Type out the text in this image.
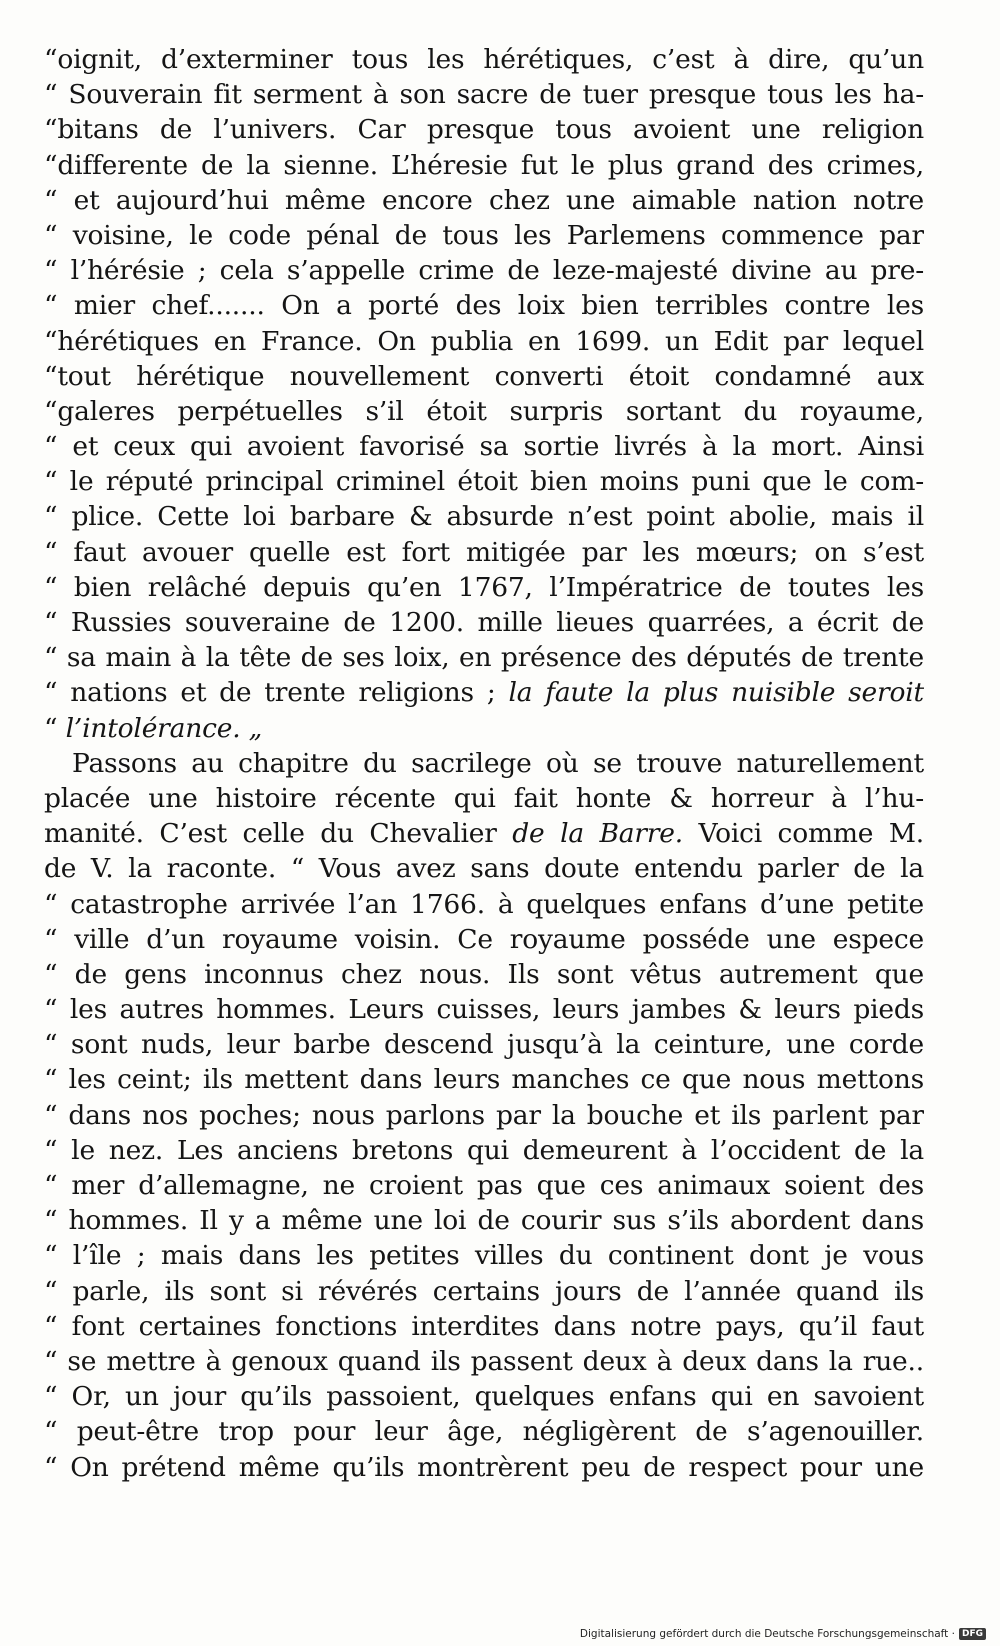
“oignit, d’exterminer tous les hérétiques, c’est à dire, qu’un
“ Souverain fit serment à son sacre de tuer presque tous les ha-
“bitans de l’univers. Car presque tous avoient une religion
“differente de la sienne. L’héresie fut le plus grand des crimes,
“ et aujourd’hui même encore chez une aimable nation notre
“ voisine, le code pénal de tous les Parlemens commence par
“ l’hérésie ; cela s’appelle crime de leze-majesté divine au pre-
“ mier chef....... On a porté des loix bien terribles contre les
“hérétiques en France. On publia en 1699. un Edit par lequel
“tout hérétique nouvellement converti étoit condamné aux
“galeres perpétuelles s’il étoit surpris sortant du royaume,
“ et ceux qui avoient favorisé sa sortie livrés à la mort. Ainsi
“ le réputé principal criminel étoit bien moins puni que le com-
“ plice. Cette loi barbare & absurde n’est point abolie, mais il
“ faut avouer quelle est fort mitigée par les mœurs; on s’est
“ bien relâché depuis qu’en 1767, l’Impératrice de toutes les
“ Russies souveraine de 1200. mille lieues quarrées, a écrit de
“ sa main à la tête de ses loix, en présence des députés de trente
“ nations et de trente religions ; la faute la plus nuisible seroit
“ l’intolérance. „
Passons au chapitre du sacrilege où se trouve naturellement
placée une histoire récente qui fait honte & horreur à l’hu-
manité. C’est celle du Chevalier de la Barre. Voici comme M.
de V. la raconte. “ Vous avez sans doute entendu parler de la
“ catastrophe arrivée l’an 1766. à quelques enfans d’une petite
“ ville d’un royaume voisin. Ce royaume posséde une espece
“ de gens inconnus chez nous. Ils sont vêtus autrement que
“ les autres hommes. Leurs cuisses, leurs jambes & leurs pieds
“ sont nuds, leur barbe descend jusqu’à la ceinture, une corde
“ les ceint; ils mettent dans leurs manches ce que nous mettons
“ dans nos poches; nous parlons par la bouche et ils parlent par
“ le nez. Les anciens bretons qui demeurent à l’occident de la
“ mer d’allemagne, ne croient pas que ces animaux soient des
“ hommes. Il y a même une loi de courir sus s’ils abordent dans
“ l’île ; mais dans les petites villes du continent dont je vous
“ parle, ils sont si révérés certains jours de l’année quand ils
“ font certaines fonctions interdites dans notre pays, qu’il faut
“ se mettre à genoux quand ils passent deux à deux dans la rue..
“ Or, un jour qu’ils passoient, quelques enfans qui en savoient
“ peut-être trop pour leur âge, négligèrent de s’agenouiller.
“ On prétend même qu’ils montrèrent peu de respect pour une
Digitalisierung gefördert durch die Deutsche Forschungsgemeinschaft · DFG
